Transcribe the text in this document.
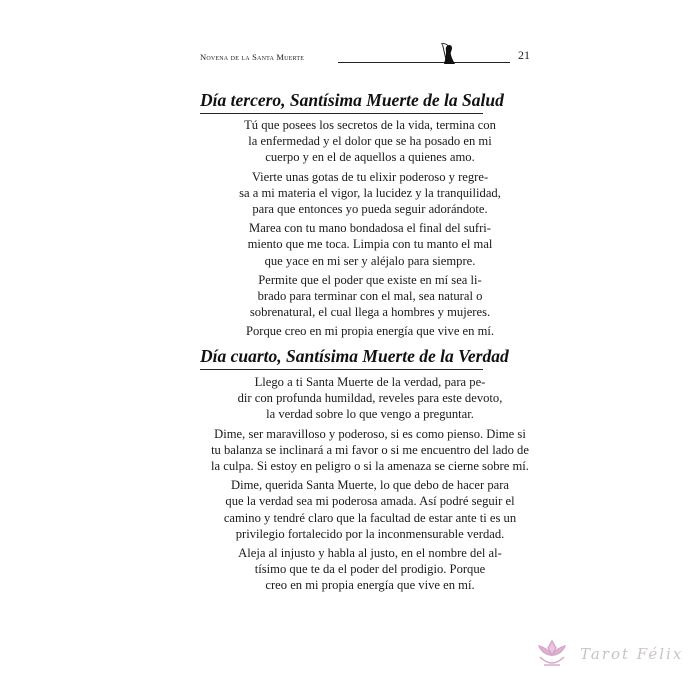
Novena de la Santa Muerte	21
Día tercero, Santísima Muerte de la Salud

Tú que posees los secretos de la vida, termina con
la enfermedad y el dolor que se ha posado en mi
cuerpo y en el de aquellos a quienes amo.

Vierte unas gotas de tu elixir poderoso y regre-
sa a mi materia el vigor, la lucidez y la tranquilidad,
para que entonces yo pueda seguir adorándote.

Marea con tu mano bondadosa el final del sufri-
miento que me toca. Limpia con tu manto el mal
que yace en mi ser y aléjalo para siempre.

Permite que el poder que existe en mí sea li-
brado para terminar con el mal, sea natural o
sobrenatural, el cual llega a hombres y mujeres.

Porque creo en mi propia energía que vive en mí.

Día cuarto, Santísima Muerte de la Verdad

Llego a ti Santa Muerte de la verdad, para pe-
dir con profunda humildad, reveles para este devoto,
la verdad sobre lo que vengo a preguntar.

Dime, ser maravilloso y poderoso, si es como pienso. Dime si
tu balanza se inclinará a mi favor o si me encuentro del lado de
la culpa. Si estoy en peligro o si la amenaza se cierne sobre mí.

Dime, querida Santa Muerte, lo que debo de hacer para
que la verdad sea mi poderosa amada. Así podré seguir el
camino y tendré claro que la facultad de estar ante ti es un
privilegio fortalecido por la inconmensurable verdad.

Aleja al injusto y habla al justo, en el nombre del al-
tísimo que te da el poder del prodigio. Porque
creo en mi propia energía que vive en mí.

Tarot Félix
